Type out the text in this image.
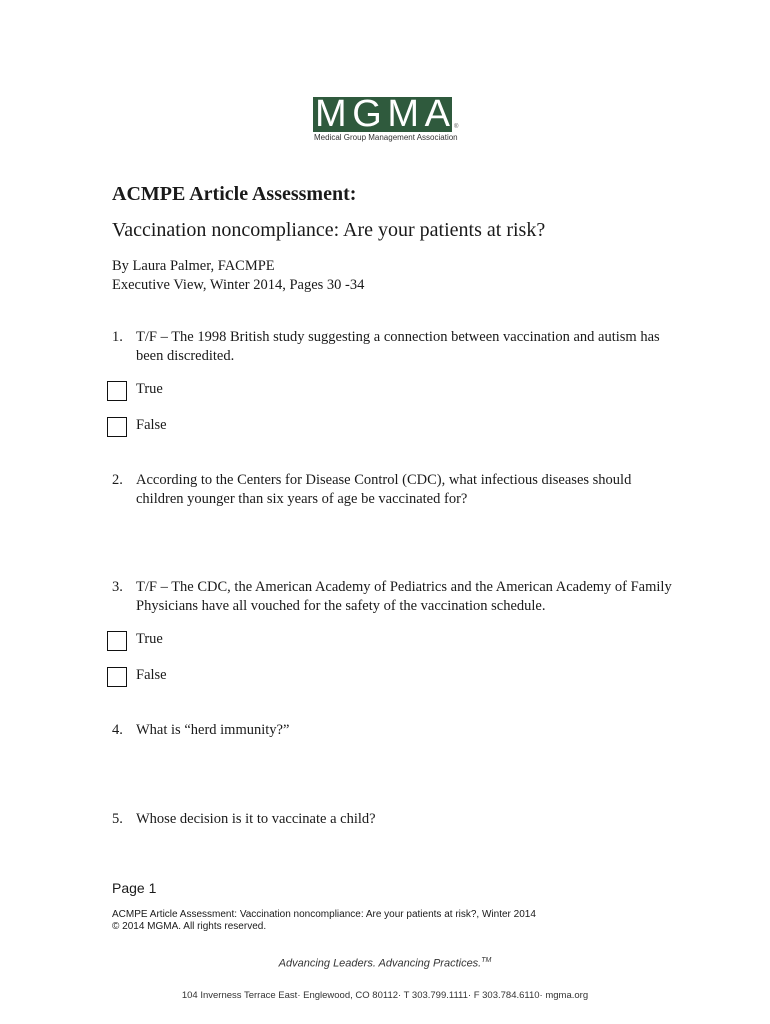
M G M A ®
Medical Group Management Association
ACMPE Article Assessment:
Vaccination noncompliance: Are your patients at risk?
By Laura Palmer, FACMPE
Executive View, Winter 2014, Pages 30 -34
1. T/F – The 1998 British study suggesting a connection between vaccination and autism has been discredited.
True
False
2. According to the Centers for Disease Control (CDC), what infectious diseases should children younger than six years of age be vaccinated for?
3. T/F – The CDC, the American Academy of Pediatrics and the American Academy of Family Physicians have all vouched for the safety of the vaccination schedule.
True
False
4. What is “herd immunity?”
5. Whose decision is it to vaccinate a child?
Page 1
ACMPE Article Assessment: Vaccination noncompliance: Are your patients at risk?, Winter 2014
© 2014 MGMA. All rights reserved.
Advancing Leaders. Advancing Practices.™
104 Inverness Terrace East· Englewood, CO 80112· T 303.799.1111· F 303.784.6110· mgma.org
